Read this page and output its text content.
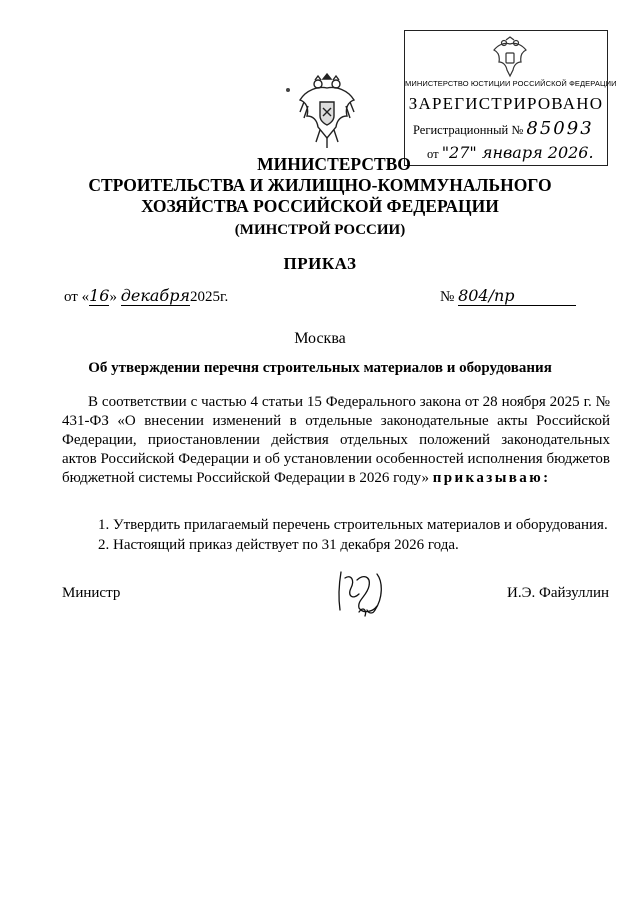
МИНИСТЕРСТВО ЮСТИЦИИ РОССИЙСКОЙ ФЕДЕРАЦИИ
ЗАРЕГИСТРИРОВАНО
Регистрационный № 85093
от "27" января 2026.
МИНИСТЕРСТВО
СТРОИТЕЛЬСТВА И ЖИЛИЩНО-КОММУНАЛЬНОГО
ХОЗЯЙСТВА РОССИЙСКОЙ ФЕДЕРАЦИИ
(МИНСТРОЙ РОССИИ)
ПРИКАЗ
от «16» декабря2025г.	№ 804/пр
Москва
Об утверждении перечня строительных материалов и оборудования
В соответствии с частью 4 статьи 15 Федерального закона от 28 ноября 2025 г. № 431-ФЗ «О внесении изменений в отдельные законодательные акты Российской Федерации, приостановлении действия отдельных положений законодательных актов Российской Федерации и об установлении особенностей исполнения бюджетов бюджетной системы Российской Федерации в 2026 году» приказываю:
1. Утвердить прилагаемый перечень строительных материалов и оборудования.
2. Настоящий приказ действует по 31 декабря 2026 года.
Министр	И.Э. Файзуллин
